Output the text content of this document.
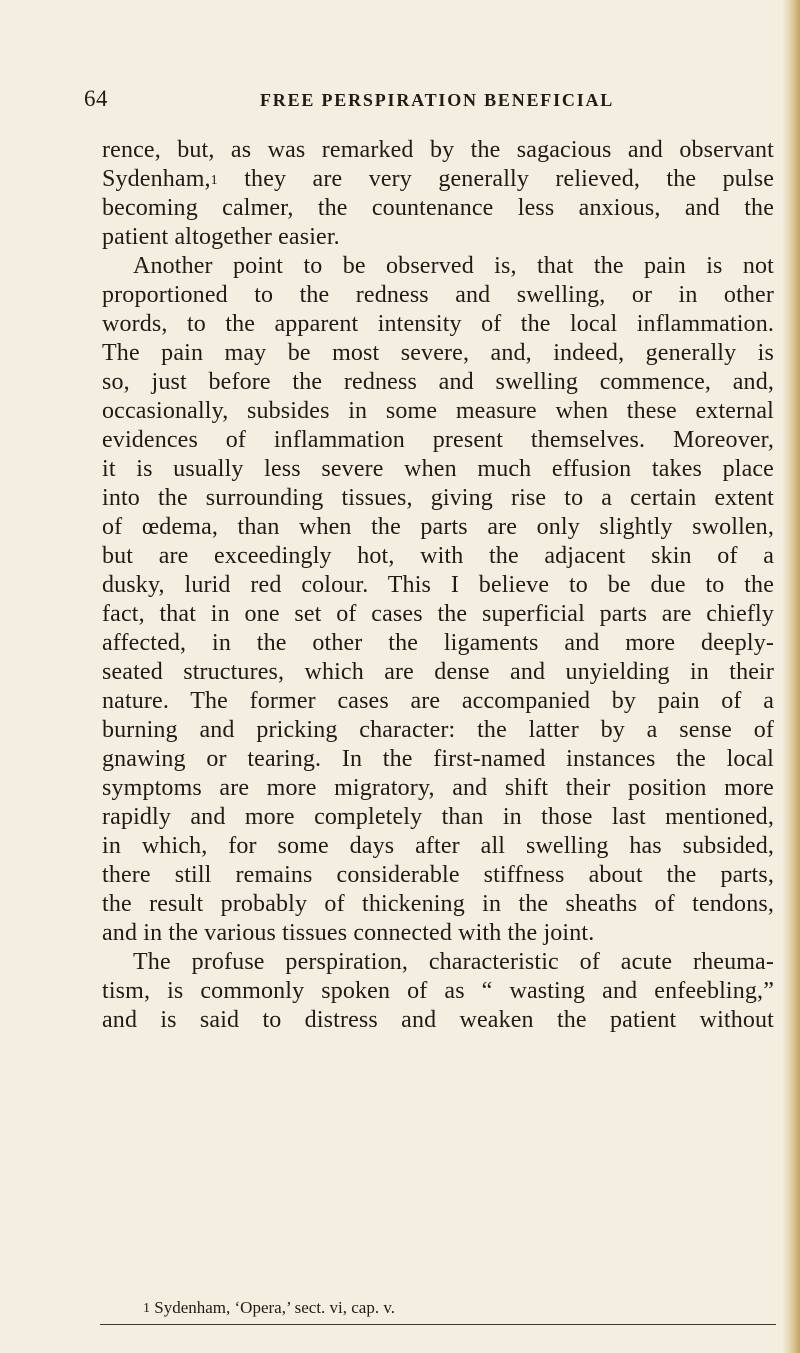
64	FREE PERSPIRATION BENEFICIAL
rence, but, as was remarked by the sagacious and observant
Sydenham,$^1$ they are very generally relieved, the pulse
becoming calmer, the countenance less anxious, and the
patient altogether easier.
Another point to be observed is, that the pain is not
proportioned to the redness and swelling, or in other
words, to the apparent intensity of the local inflammation.
The pain may be most severe, and, indeed, generally is
so, just before the redness and swelling commence, and,
occasionally, subsides in some measure when these external
evidences of inflammation present themselves. Moreover,
it is usually less severe when much effusion takes place
into the surrounding tissues, giving rise to a certain extent
of œdema, than when the parts are only slightly swollen,
but are exceedingly hot, with the adjacent skin of a
dusky, lurid red colour. This I believe to be due to the
fact, that in one set of cases the superficial parts are chiefly
affected, in the other the ligaments and more deeply-
seated structures, which are dense and unyielding in their
nature. The former cases are accompanied by pain of a
burning and pricking character: the latter by a sense of
gnawing or tearing. In the first-named instances the local
symptoms are more migratory, and shift their position more
rapidly and more completely than in those last mentioned,
in which, for some days after all swelling has subsided,
there still remains considerable stiffness about the parts,
the result probably of thickening in the sheaths of tendons,
and in the various tissues connected with the joint.
The profuse perspiration, characteristic of acute rheuma-
tism, is commonly spoken of as “ wasting and enfeebling,”
and is said to distress and weaken the patient without
$^1$ Sydenham, ‘Opera,’ sect. vi, cap. v.
